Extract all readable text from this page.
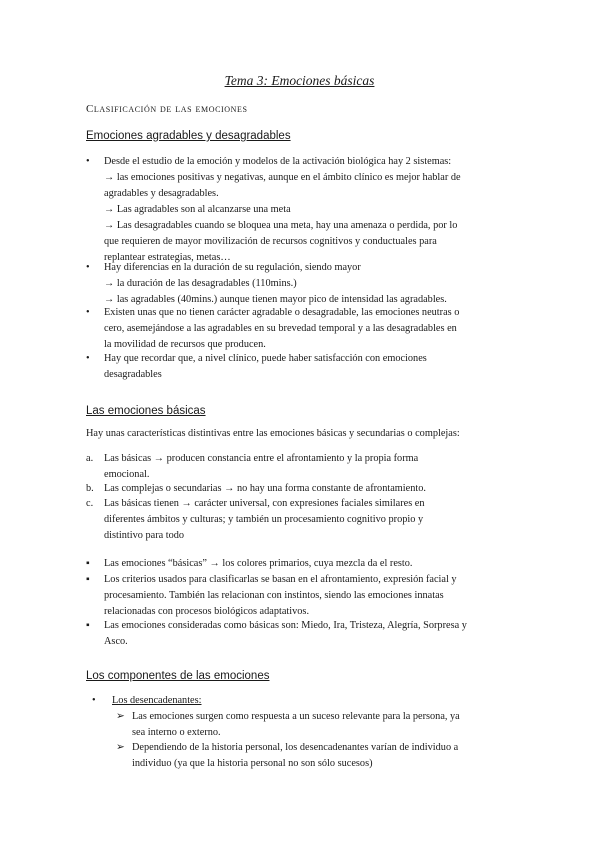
Tema 3: Emociones básicas
Clasificación de las emociones
Emociones agradables y desagradables
•	Desde el estudio de la emoción y modelos de la activación biológica hay 2 sistemas:
→ las emociones positivas y negativas, aunque en el ámbito clínico es mejor hablar de
agradables y desagradables.
→ Las agradables son al alcanzarse una meta
→ Las desagradables cuando se bloquea una meta, hay una amenaza o perdida, por lo
que requieren de mayor movilización de recursos cognitivos y conductuales para
replantear estrategias, metas…
•	Hay diferencias en la duración de su regulación, siendo mayor
→ la duración de las desagradables (110mins.)
→ las agradables (40mins.) aunque tienen mayor pico de intensidad las agradables.
•	Existen unas que no tienen carácter agradable o desagradable, las emociones neutras o
cero, asemejándose a las agradables en su brevedad temporal y a las desagradables en
la movilidad de recursos que producen.
•	Hay que recordar que, a nivel clínico, puede haber satisfacción con emociones
desagradables
Las emociones básicas
Hay unas características distintivas entre las emociones básicas y secundarias o complejas:
a.	Las básicas → producen constancia entre el afrontamiento y la propia forma
emocional.
b. Las complejas o secundarias → no hay una forma constante de afrontamiento.
c.	Las básicas tienen → carácter universal, con expresiones faciales similares en
diferentes ámbitos y culturas; y también un procesamiento cognitivo propio y
distintivo para todo
▪	Las emociones “básicas” → los colores primarios, cuya mezcla da el resto.
▪	Los criterios usados para clasificarlas se basan en el afrontamiento, expresión facial y
procesamiento. También las relacionan con instintos, siendo las emociones innatas
relacionadas con procesos biológicos adaptativos.
▪	Las emociones consideradas como básicas son: Miedo, Ira, Tristeza, Alegría, Sorpresa y
Asco.
Los componentes de las emociones
•	Los desencadenantes:
➢ Las emociones surgen como respuesta a un suceso relevante para la persona, ya
sea interno o externo.
➢ Dependiendo de la historia personal, los desencadenantes varían de individuo a
individuo (ya que la historia personal no son sólo sucesos)
